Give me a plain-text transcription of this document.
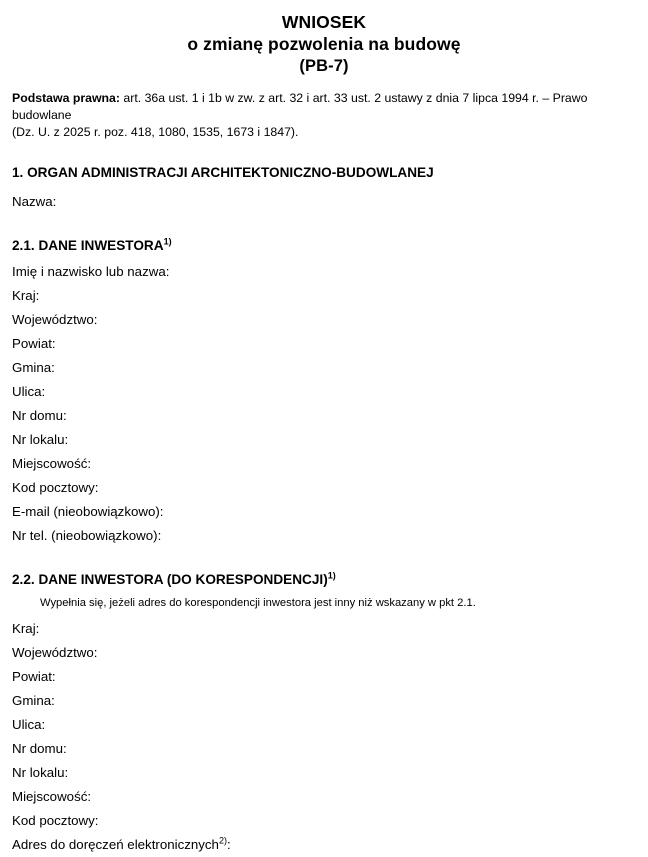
WNIOSEK
o zmianę pozwolenia na budowę
(PB-7)
Podstawa prawna: art. 36a ust. 1 i 1b w zw. z art. 32 i art. 33 ust. 2 ustawy z dnia 7 lipca 1994 r. – Prawo budowlane
(Dz. U. z 2025 r. poz. 418, 1080, 1535, 1673 i 1847).
1. ORGAN ADMINISTRACJI ARCHITEKTONICZNO-BUDOWLANEJ
Nazwa:
2.1. DANE INWESTORA$^{1)}$
Imię i nazwisko lub nazwa:
Kraj:
Województwo:
Powiat:
Gmina:
Ulica:
Nr domu:
Nr lokalu:
Miejscowość:
Kod pocztowy:
E-mail (nieobowiązkowo):
Nr tel. (nieobowiązkowo):
2.2. DANE INWESTORA (DO KORESPONDENCJI)$^{1)}$
Wypełnia się, jeżeli adres do korespondencji inwestora jest inny niż wskazany w pkt 2.1.
Kraj:
Województwo:
Powiat:
Gmina:
Ulica:
Nr domu:
Nr lokalu:
Miejscowość:
Kod pocztowy:
Adres do doręczeń elektronicznych$^{2)}$:
